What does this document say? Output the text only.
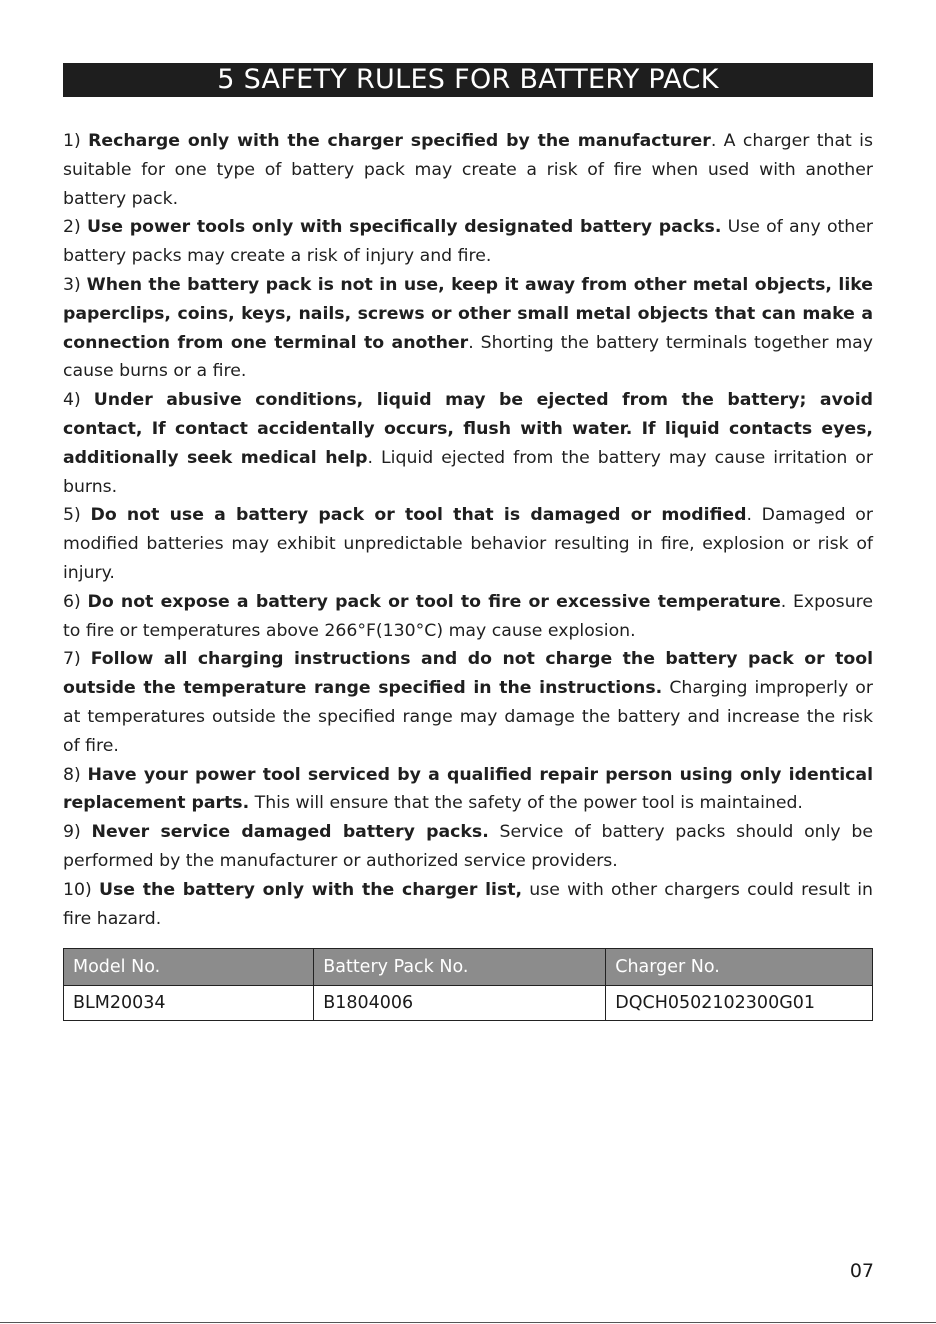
5 SAFETY RULES FOR BATTERY PACK
1) Recharge only with the charger specified by the manufacturer. A charger that is suitable for one type of battery pack may create a risk of fire when used with another battery pack.
2) Use power tools only with specifically designated battery packs. Use of any other battery packs may create a risk of injury and fire.
3) When the battery pack is not in use, keep it away from other metal objects, like paperclips, coins, keys, nails, screws or other small metal objects that can make a connection from one terminal to another. Shorting the battery terminals together may cause burns or a fire.
4) Under abusive conditions, liquid may be ejected from the battery; avoid contact, If contact accidentally occurs, flush with water. If liquid contacts eyes, additionally seek medical help. Liquid ejected from the battery may cause irritation or burns.
5) Do not use a battery pack or tool that is damaged or modified. Damaged or modified batteries may exhibit unpredictable behavior resulting in fire, explosion or risk of injury.
6) Do not expose a battery pack or tool to fire or excessive temperature. Exposure to fire or temperatures above 266°F(130°C) may cause explosion.
7) Follow all charging instructions and do not charge the battery pack or tool outside the temperature range specified in the instructions. Charging improperly or at temperatures outside the specified range may damage the battery and increase the risk of fire.
8) Have your power tool serviced by a qualified repair person using only identical replacement parts. This will ensure that the safety of the power tool is maintained.
9) Never service damaged battery packs. Service of battery packs should only be performed by the manufacturer or authorized service providers.
10) Use the battery only with the charger list, use with other chargers could result in fire hazard.
Model No.	Battery Pack No.	Charger No.
BLM20034	B1804006	DQCH0502102300G01
07
